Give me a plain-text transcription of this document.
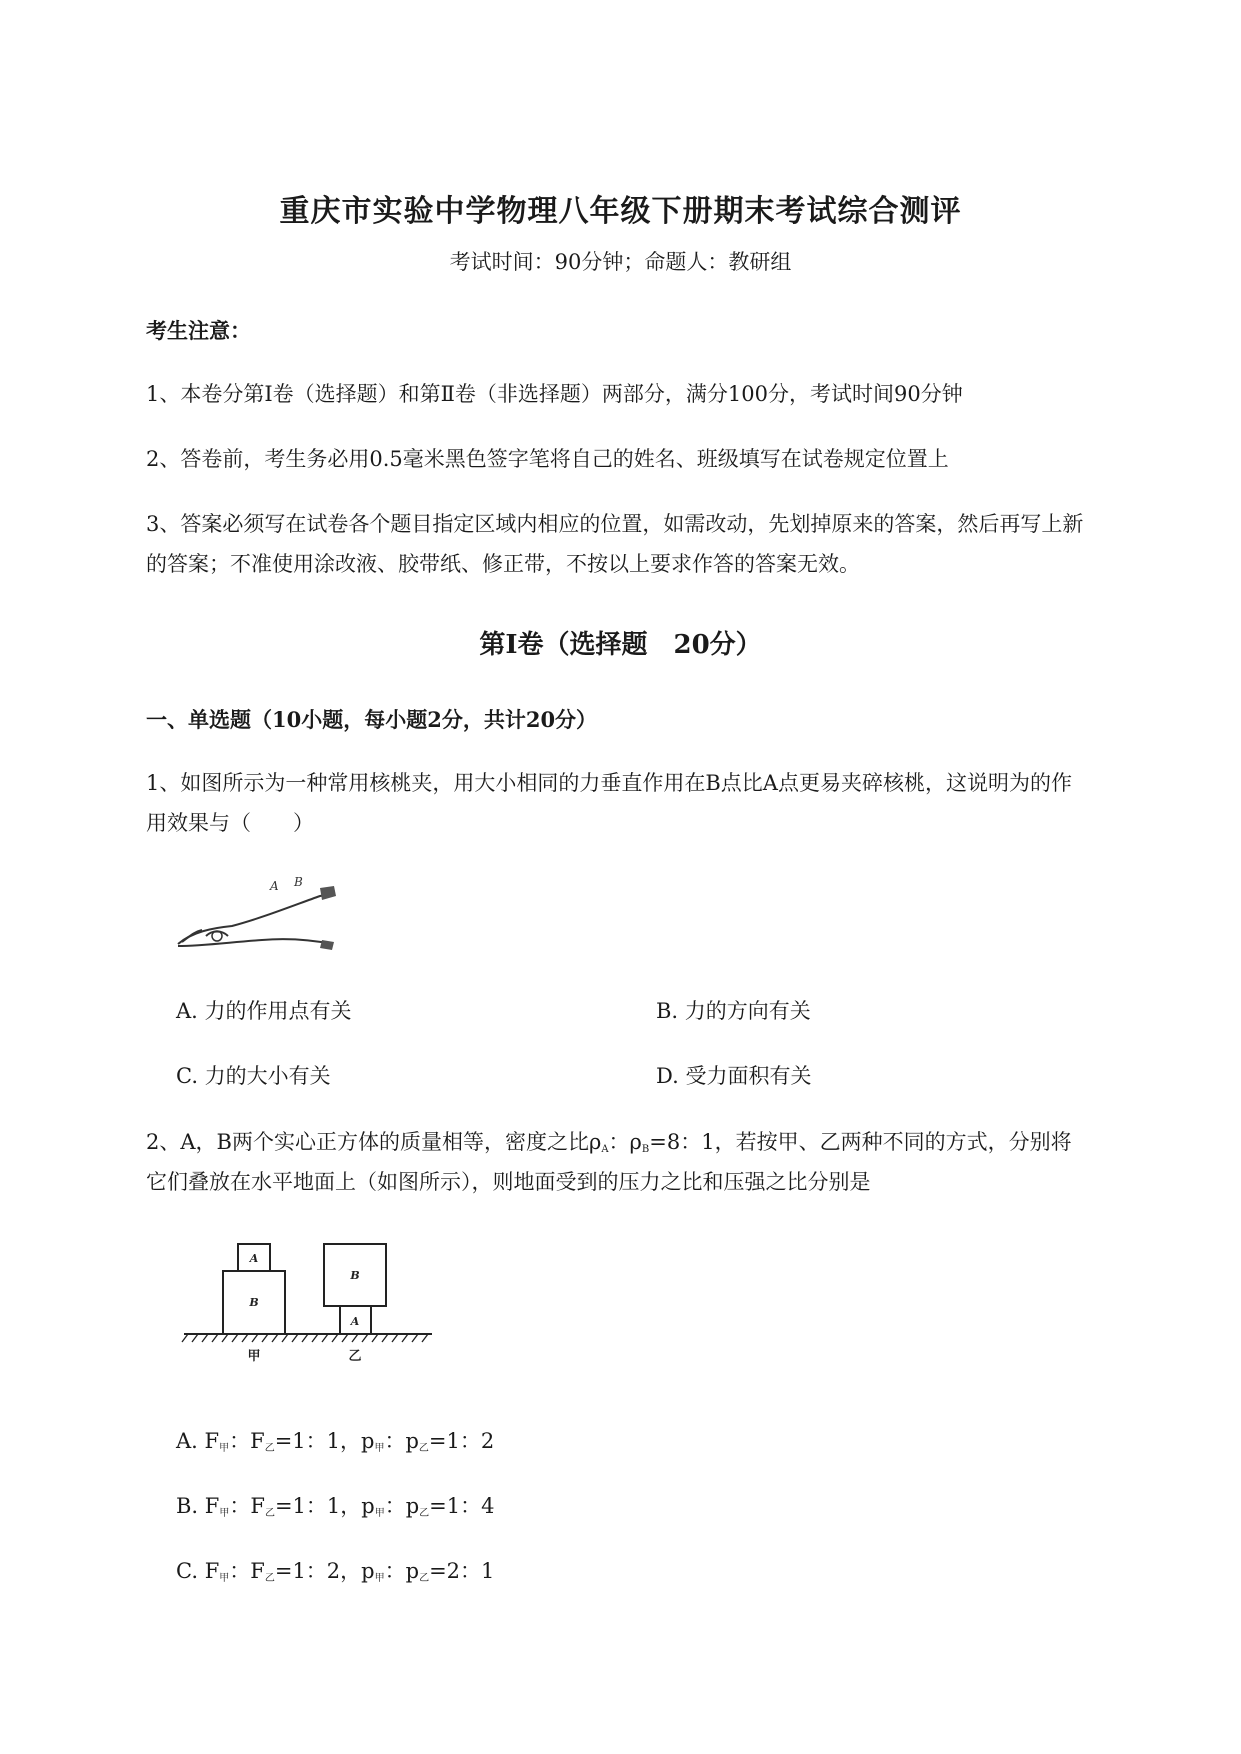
重庆市实验中学物理八年级下册期末考试综合测评
考试时间：90分钟；命题人：教研组
考生注意：
1、本卷分第Ⅰ卷（选择题）和第Ⅱ卷（非选择题）两部分，满分100分，考试时间90分钟
2、答卷前，考生务必用0.5毫米黑色签字笔将自己的姓名、班级填写在试卷规定位置上
3、答案必须写在试卷各个题目指定区域内相应的位置，如需改动，先划掉原来的答案，然后再写上新
的答案；不准使用涂改液、胶带纸、修正带，不按以上要求作答的答案无效。
第Ⅰ卷（选择题　20分）
一、单选题（10小题，每小题2分，共计20分）
1、如图所示为一种常用核桃夹，用大小相同的力垂直作用在B点比A点更易夹碎核桃，这说明为的作
用效果与（　　）
A B
A. 力的作用点有关	B. 力的方向有关
C. 力的大小有关	D. 受力面积有关
2、A，B两个实心正方体的质量相等，密度之比$\rho_A$：$\rho_B=8$：1，若按甲、乙两种不同的方式，分别将
它们叠放在水平地面上（如图所示），则地面受到的压力之比和压强之比分别是
A
B
B
A
甲	乙
A. $F_甲$：$F_乙=1$：1，$p_甲$：$p_乙=1$：2
B. $F_甲$：$F_乙=1$：1，$p_甲$：$p_乙=1$：4
C. $F_甲$：$F_乙=1$：2，$p_甲$：$p_乙=2$：1
